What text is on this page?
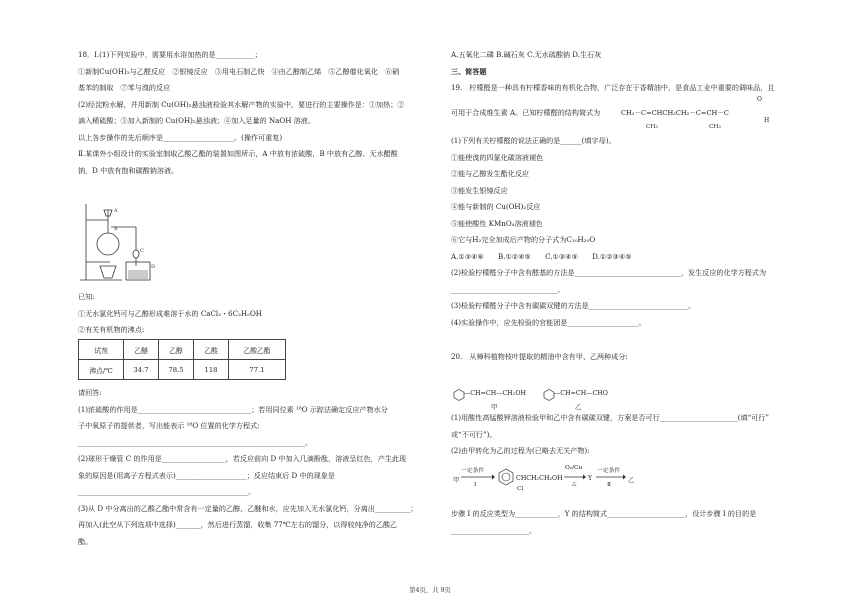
18．Ⅰ.(1)下列实验中，需要用水浴加热的是___________；
①新制Cu(OH)₂与乙醛反应　②银镜反应　③用电石制乙炔　④由乙醇制乙烯　⑤乙醇催化氧化　⑥硝
基苯的制取　⑦苯与溴的反应
(2)经淀粉水解，并用新制 Cu(OH)₂悬浊液检验其水解产物的实验中，要进行的主要操作是：①加热；②
滴入稀硫酸；③加入新制的 Cu(OH)₂悬浊液；④加入足量的 NaOH 溶液。
以上各步操作的先后顺序是____________________。(操作可重复)
Ⅱ.某课外小组设计的实验室制取乙酸乙酯的装置如图所示，A 中放有浓硫酸，B 中放有乙醇、无水醋酸
钠，D 中放有饱和碳酸钠溶液。
A
B
C
D
已知:
①无水氯化钙可与乙醇形成难溶于水的 CaCl₂・6C₂H₅OH
②有关有机物的沸点:
试剂	乙醚	乙醇	乙酸	乙酸乙酯
沸点/℃	34.7	78.5	118	77.1
请回答:
(1)浓硫酸的作用是________________________________；若用同位素 ¹⁸O 示踪法确定反应产物水分
子中氧原子的提供者，写出能表示 ¹⁸O 位置的化学方程式:
________________________________________________________________。
(2)球形干燥管 C 的作用是__________________，若反应前向 D 中加入几滴酚酞，溶液呈红色，产生此现
象的原因是(用离子方程式表示)____________________；反应结束后 D 中的现象是
________________________________________________。
(3)从 D 中分离出的乙酸乙酯中常含有一定量的乙醇、乙醚和水，应先加入无水氯化钙，分离出__________；
再加入(此空从下列选项中选择)_______，然后进行蒸馏，收集 77℃左右的馏分，以得较纯净的乙酸乙
酯。
A.五氧化二磷 B.碱石灰 C.无水硫酸钠 D.生石灰
三、简答题
19.　柠檬醛是一种具有柠檬香味的有机化合物，广泛存在于香精油中，是食品工业中重要的调味品，且
可用于合成维生素 A。已知柠檬醛的结构简式为	CH₃－C=CHCH₂CH₂－C=CH－C
CH₃	CH₃
O
H
(1)下列有关柠檬醛的说法正确的是______(填字母)。
①能使溴的四氯化碳溶液褪色
②能与乙醇发生酯化反应
③能发生银镜反应
④能与新制的 Cu(OH)₂反应
⑤能使酸性 KMnO₄溶液褪色
⑥它与H₂完全加成后产物的分子式为C₁₀H₂₀O
A.①③④⑥　　B.①②④⑤　　C.①③④⑤　　D.①②③④⑤
(2)检验柠檬醛分子中含有醛基的方法是______________________________，发生反应的化学方程式为
______________________________。
(3)检验柠檬醛分子中含有碳碳双键的方法是____________________________。
(4)实验操作中，应先检验的官能团是____________________。
20.　从樟科植物枝叶提取的精油中含有甲、乙两种成分:
—CH=CH—CH₂OH
甲
—CH=CH—CHO
乙
(1)用酸性高锰酸钾溶液检验甲和乙中含有碳碳双键，方案是否可行______________________(填“可行”
或“不可行”)。
(2)由甲转化为乙的过程为(已略去无关产物):
甲
一定条件
Ⅰ
CHCH₂CH₂OH
Cl
O₂/Cu
△
Y
一定条件
Ⅱ
乙
步骤 I 的反应类型为____________，Y 的结构简式______________________，设计步骤 I 的目的是
______________________。
第4页，共 9页
